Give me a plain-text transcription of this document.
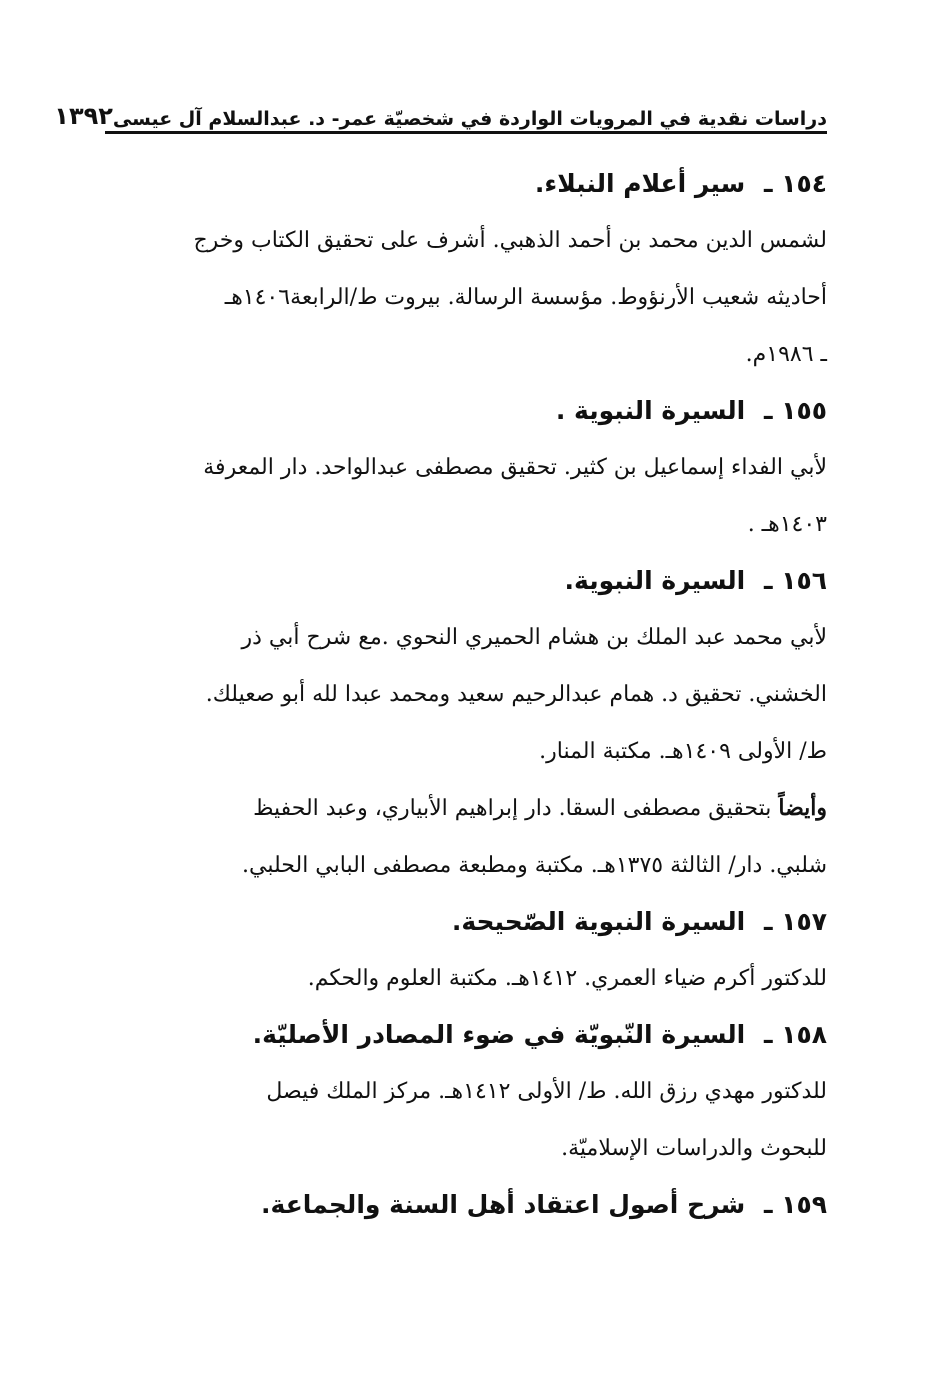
دراسات نقدية في المرويات الواردة في شخصيّة عمر- د. عبدالسلام آل عيسى
١٣٩٢
١٥٤ ـ سير أعلام النبلاء.
لشمس الدين محمد بن أحمد الذهبي. أشرف على تحقيق الكتاب وخرج
أحاديثه شعيب الأرنؤوط. مؤسسة الرسالة. بيروت ط/الرابعة١٤٠٦هـ
ـ ١٩٨٦م.
١٥٥ ـ السيرة النبوية .
لأبي الفداء إسماعيل بن كثير. تحقيق مصطفى عبدالواحد. دار المعرفة
١٤٠٣هـ .
١٥٦ ـ السيرة النبوية.
لأبي محمد عبد الملك بن هشام الحميري النحوي .مع شرح أبي ذر
الخشني. تحقيق د. همام عبدالرحيم سعيد ومحمد عبدا لله أبو صعيلك.
ط/ الأولى ١٤٠٩هـ. مكتبة المنار.
وأيضاً بتحقيق مصطفى السقا. دار إبراهيم الأبياري، وعبد الحفيظ
شلبي. دار/ الثالثة ١٣٧٥هـ. مكتبة ومطبعة مصطفى البابي الحلبي.
١٥٧ ـ السيرة النبوية الصّحيحة.
للدكتور أكرم ضياء العمري. ١٤١٢هـ. مكتبة العلوم والحكم.
١٥٨ ـ السيرة النّبويّة في ضوء المصادر الأصليّة.
للدكتور مهدي رزق الله. ط/ الأولى ١٤١٢هـ. مركز الملك فيصل
للبحوث والدراسات الإسلاميّة.
١٥٩ ـ شرح أصول اعتقاد أهل السنة والجماعة.
